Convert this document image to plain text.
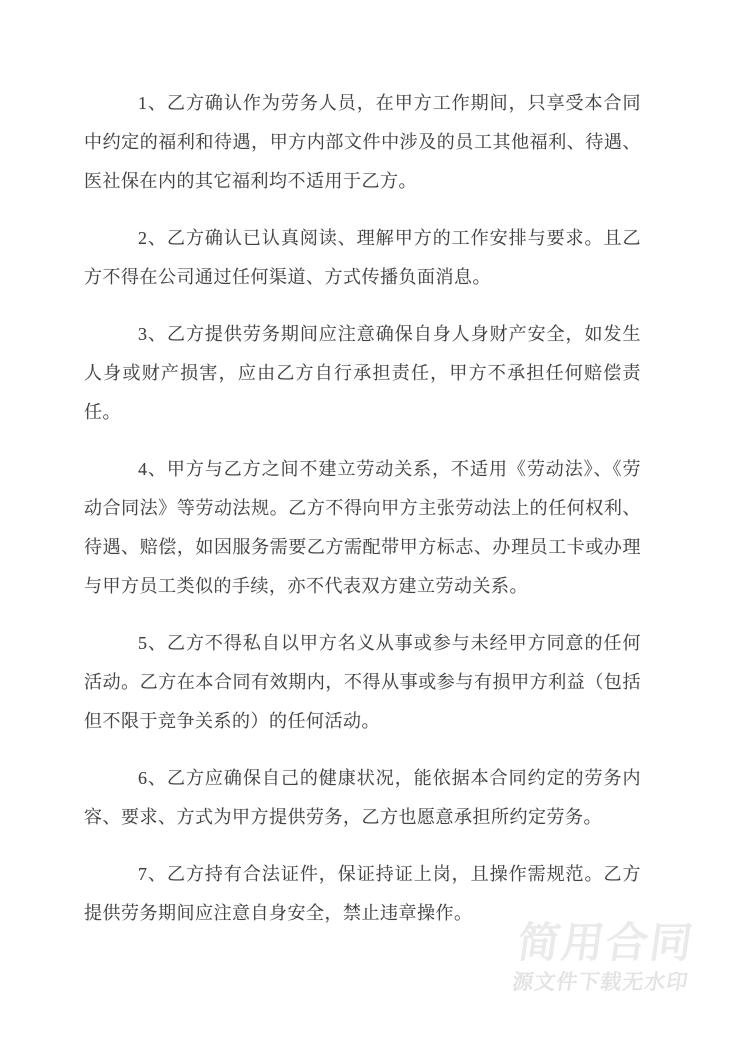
1、乙方确认作为劳务人员，在甲方工作期间，只享受本合同中约定的福利和待遇，甲方内部文件中涉及的员工其他福利、待遇、医社保在内的其它福利均不适用于乙方。

2、乙方确认已认真阅读、理解甲方的工作安排与要求。且乙方不得在公司通过任何渠道、方式传播负面消息。

3、乙方提供劳务期间应注意确保自身人身财产安全，如发生人身或财产损害，应由乙方自行承担责任，甲方不承担任何赔偿责任。

4、甲方与乙方之间不建立劳动关系，不适用《劳动法》、《劳动合同法》等劳动法规。乙方不得向甲方主张劳动法上的任何权利、待遇、赔偿，如因服务需要乙方需配带甲方标志、办理员工卡或办理与甲方员工类似的手续，亦不代表双方建立劳动关系。

5、乙方不得私自以甲方名义从事或参与未经甲方同意的任何活动。乙方在本合同有效期内，不得从事或参与有损甲方利益（包括但不限于竞争关系的）的任何活动。

6、乙方应确保自己的健康状况，能依据本合同约定的劳务内容、要求、方式为甲方提供劳务，乙方也愿意承担所约定劳务。

7、乙方持有合法证件，保证持证上岗，且操作需规范。乙方提供劳务期间应注意自身安全，禁止违章操作。

简用合同
源文件下载无水印
